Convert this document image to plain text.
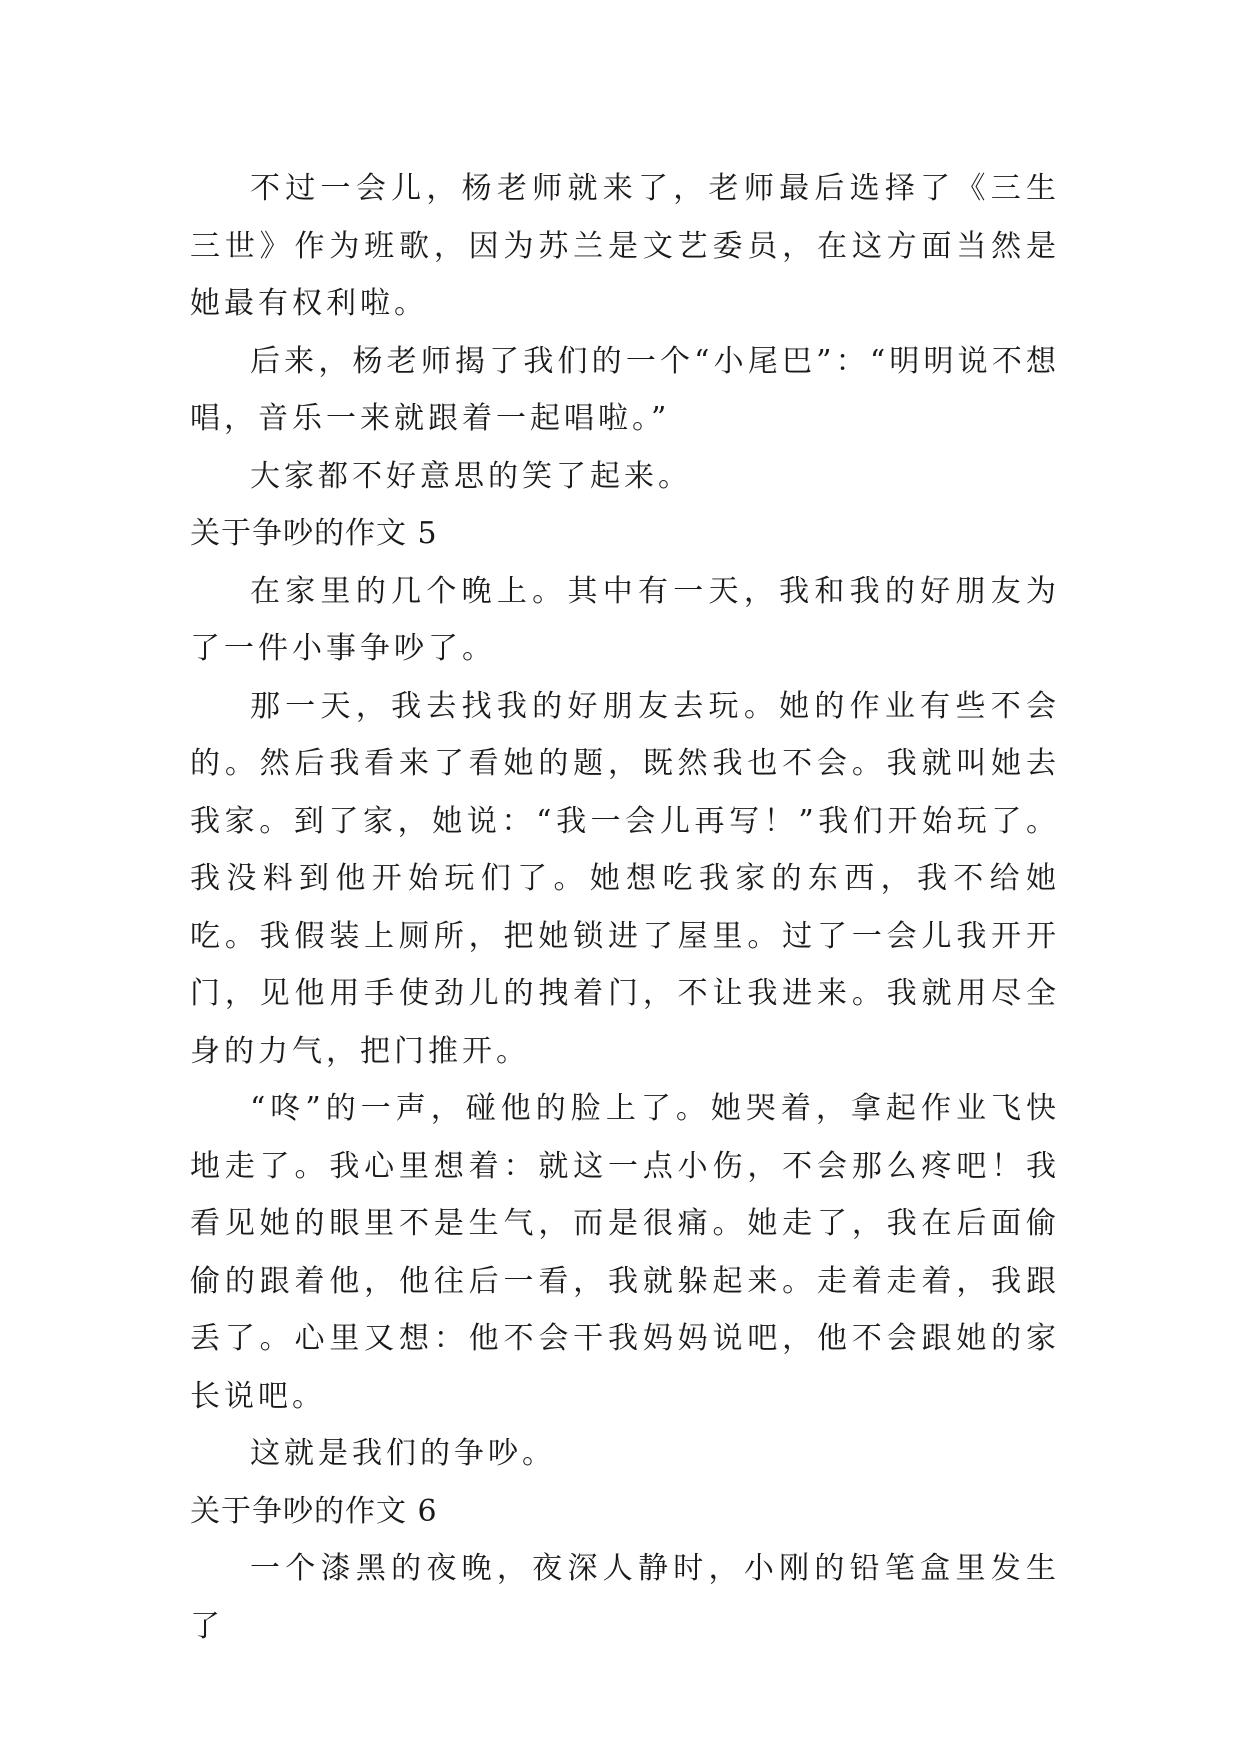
不过一会儿，杨老师就来了，老师最后选择了《三生三世》作为班歌，因为苏兰是文艺委员，在这方面当然是她最有权利啦。

后来，杨老师揭了我们的一个“小尾巴”：“明明说不想唱，音乐一来就跟着一起唱啦。”

大家都不好意思的笑了起来。

关于争吵的作文 5

在家里的几个晚上。其中有一天，我和我的好朋友为了一件小事争吵了。

那一天，我去找我的好朋友去玩。她的作业有些不会的。然后我看来了看她的题，既然我也不会。我就叫她去我家。到了家，她说：“我一会儿再写！”我们开始玩了。我没料到他开始玩们了。她想吃我家的东西，我不给她吃。我假装上厕所，把她锁进了屋里。过了一会儿我开开门，见他用手使劲儿的拽着门，不让我进来。我就用尽全身的力气，把门推开。

“咚”的一声，碰他的脸上了。她哭着，拿起作业飞快地走了。我心里想着：就这一点小伤，不会那么疼吧！我看见她的眼里不是生气，而是很痛。她走了，我在后面偷偷的跟着他，他往后一看，我就躲起来。走着走着，我跟丢了。心里又想：他不会干我妈妈说吧，他不会跟她的家长说吧。

这就是我们的争吵。

关于争吵的作文 6

一个漆黑的夜晚，夜深人静时，小刚的铅笔盒里发生了
